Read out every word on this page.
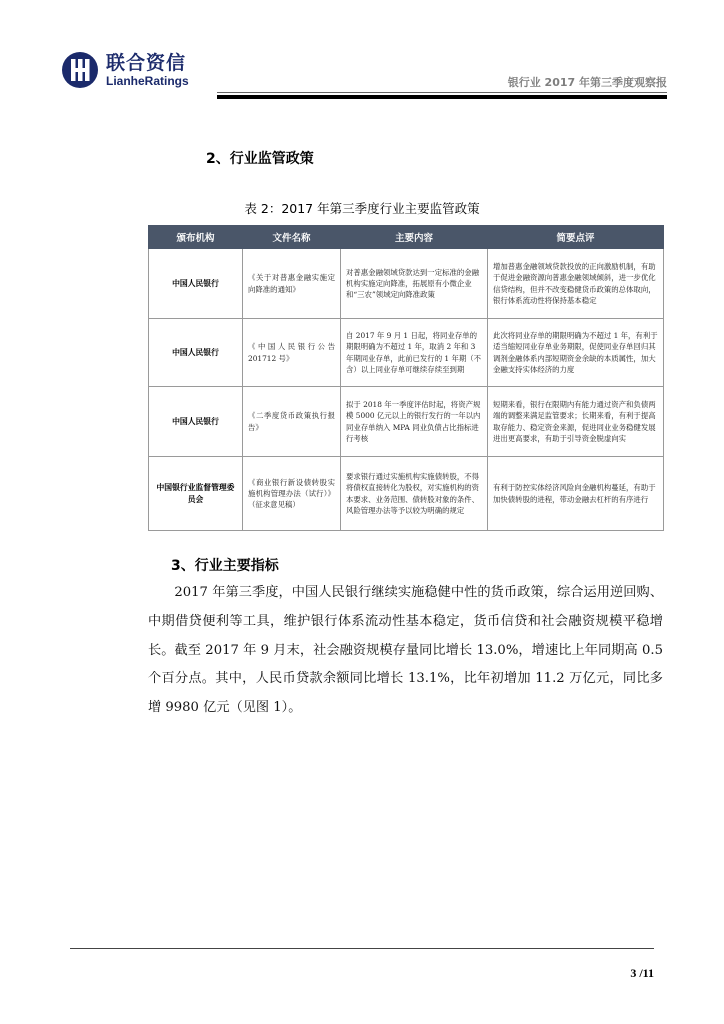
联合资信
LianheRatings	银行业 2017 年第三季度观察报
2、行业监管政策
表 2：2017 年第三季度行业主要监管政策
颁布机构	文件名称	主要内容	简要点评
中国人民银行	《关于对普惠金融实施定向降准的通知》	对普惠金融领域贷款达到一定标准的金融机构实施定向降准，拓展原有小微企业和“三农”领域定向降准政策	增加普惠金融领域贷款投放的正向激励机制，有助于促进金融资源向普惠金融领域倾斜，进一步优化信贷结构，但并不改变稳健货币政策的总体取向，银行体系流动性将保持基本稳定
中国人民银行	《中国人民银行公告 201712 号》	自 2017 年 9 月 1 日起，将同业存单的期限明确为不超过 1 年，取消 2 年和 3 年期同业存单，此前已发行的 1 年期（不含）以上同业存单可继续存续至到期	此次将同业存单的期限明确为不超过 1 年，有利于适当缩短同业存单业务期限，促使同业存单回归其调剂金融体系内部短期资金余缺的本质属性，加大金融支持实体经济的力度
中国人民银行	《二季度货币政策执行报告》	拟于 2018 年一季度评估时起，将资产规模 5000 亿元以上的银行发行的一年以内同业存单纳入 MPA 同业负债占比指标进行考核	短期来看，银行在限期内有能力通过资产和负债两端的调整来满足监管要求；长期来看，有利于提高取存能力、稳定资金来源，促进同业业务稳健发展进出更高要求，有助于引导资金脱虚向实
中国银行业监督管理委员会	《商业银行新设债转股实施机构管理办法（试行）》（征求意见稿）	要求银行通过实施机构实施债转股，不得将债权直接转化为股权，对实施机构的资本要求、业务范围、债转股对象的条件、风险管理办法等予以较为明确的规定	有利于防控实体经济风险向金融机构蔓延，有助于加快债转股的进程，带动金融去杠杆的有序进行
3、行业主要指标

2017 年第三季度，中国人民银行继续实施稳健中性的货币政策，综合运用逆回购、中期借贷便利等工具，维护银行体系流动性基本稳定，货币信贷和社会融资规模平稳增长。截至 2017 年 9 月末，社会融资规模存量同比增长 13.0%，增速比上年同期高 0.5 个百分点。其中，人民币贷款余额同比增长 13.1%，比年初增加 11.2 万亿元，同比多增 9980 亿元（见图 1）。

3 /11
